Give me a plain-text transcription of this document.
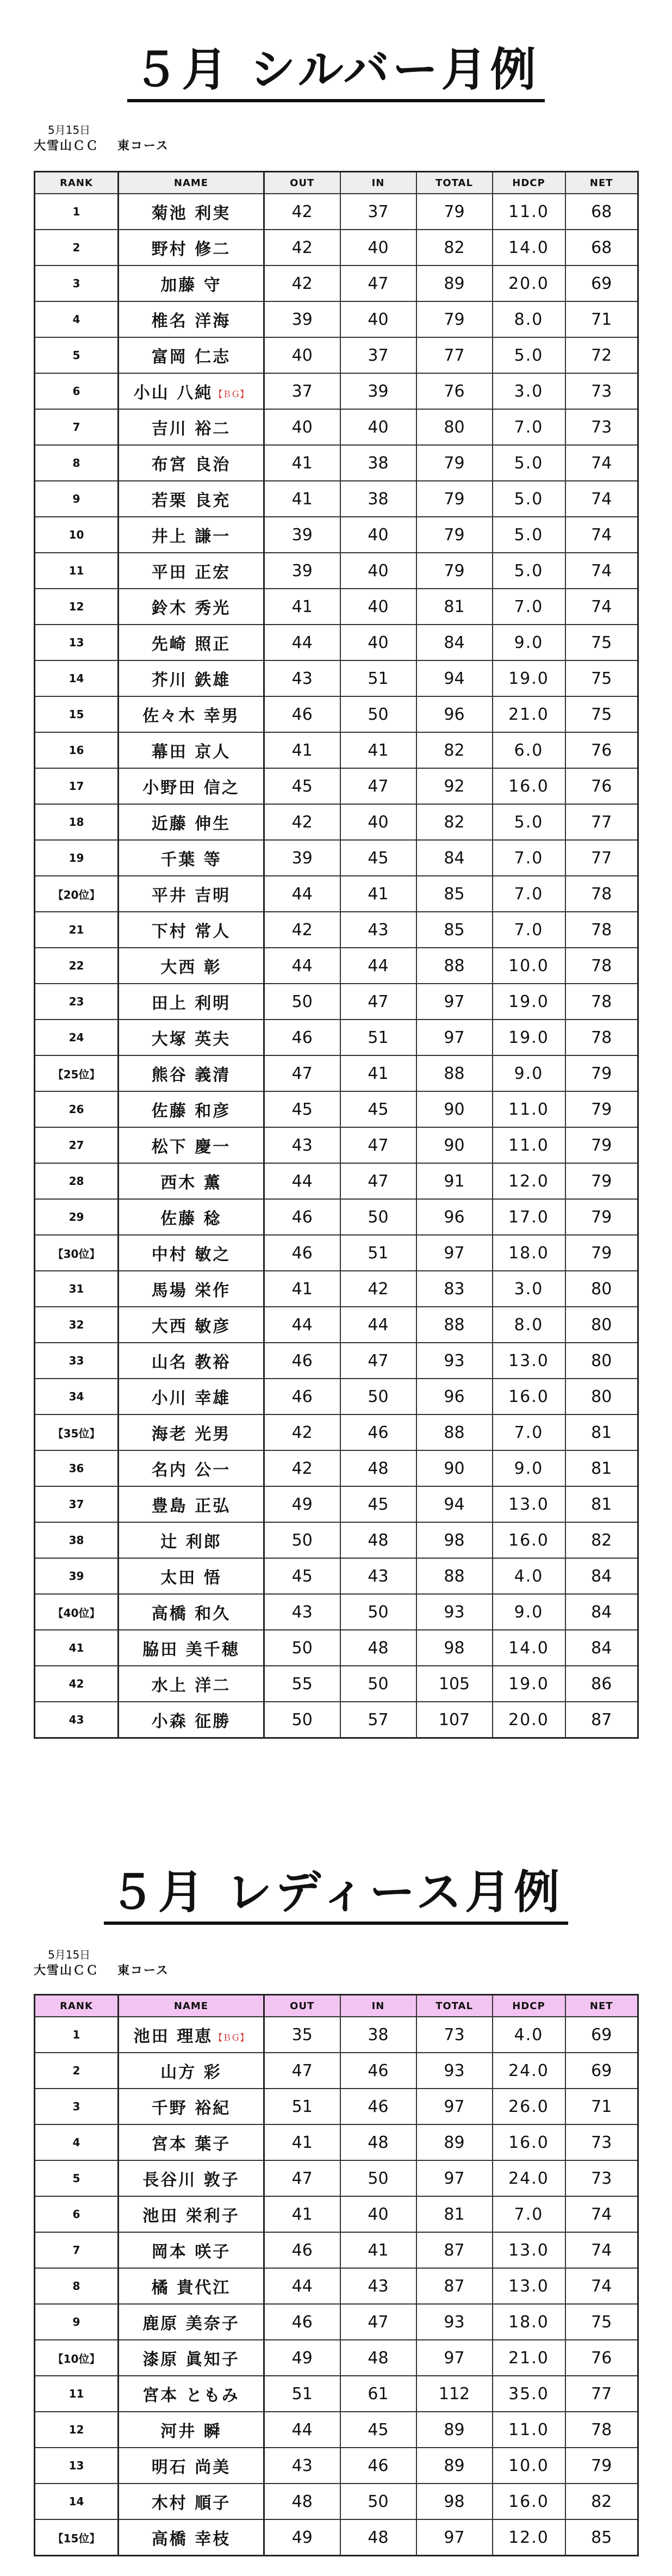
５月 シルバー月例
5月15日
大雪山ＣＣ 東コース
RANK	NAME	OUT	IN	TOTAL	HDCP	NET
1	菊池 利実	42	37	79	11.0	68
2	野村 修二	42	40	82	14.0	68
3	加藤 守	42	47	89	20.0	69
4	椎名 洋海	39	40	79	8.0	71
5	富岡 仁志	40	37	77	5.0	72
6	小山 八純 【ＢＧ】	37	39	76	3.0	73
7	吉川 裕二	40	40	80	7.0	73
8	布宮 良治	41	38	79	5.0	74
9	若栗 良充	41	38	79	5.0	74
10	井上 謙一	39	40	79	5.0	74
11	平田 正宏	39	40	79	5.0	74
12	鈴木 秀光	41	40	81	7.0	74
13	先崎 照正	44	40	84	9.0	75
14	芥川 鉄雄	43	51	94	19.0	75
15	佐々木 幸男	46	50	96	21.0	75
16	幕田 京人	41	41	82	6.0	76
17	小野田 信之	45	47	92	16.0	76
18	近藤 伸生	42	40	82	5.0	77
19	千葉 等	39	45	84	7.0	77
【20位】	平井 吉明	44	41	85	7.0	78
21	下村 常人	42	43	85	7.0	78
22	大西 彰	44	44	88	10.0	78
23	田上 利明	50	47	97	19.0	78
24	大塚 英夫	46	51	97	19.0	78
【25位】	熊谷 義清	47	41	88	9.0	79
26	佐藤 和彦	45	45	90	11.0	79
27	松下 慶一	43	47	90	11.0	79
28	西木 薫	44	47	91	12.0	79
29	佐藤 稔	46	50	96	17.0	79
【30位】	中村 敏之	46	51	97	18.0	79
31	馬場 栄作	41	42	83	3.0	80
32	大西 敏彦	44	44	88	8.0	80
33	山名 教裕	46	47	93	13.0	80
34	小川 幸雄	46	50	96	16.0	80
【35位】	海老 光男	42	46	88	7.0	81
36	名内 公一	42	48	90	9.0	81
37	豊島 正弘	49	45	94	13.0	81
38	辻 利郎	50	48	98	16.0	82
39	太田 悟	45	43	88	4.0	84
【40位】	高橋 和久	43	50	93	9.0	84
41	脇田 美千穂	50	48	98	14.0	84
42	水上 洋二	55	50	105	19.0	86
43	小森 征勝	50	57	107	20.0	87
５月 レディース月例
5月15日
大雪山ＣＣ 東コース
RANK	NAME	OUT	IN	TOTAL	HDCP	NET
1	池田 理恵 【ＢＧ】	35	38	73	4.0	69
2	山方 彩	47	46	93	24.0	69
3	千野 裕紀	51	46	97	26.0	71
4	宮本 葉子	41	48	89	16.0	73
5	長谷川 敦子	47	50	97	24.0	73
6	池田 栄利子	41	40	81	7.0	74
7	岡本 咲子	46	41	87	13.0	74
8	橘 貴代江	44	43	87	13.0	74
9	鹿原 美奈子	46	47	93	18.0	75
【10位】	漆原 眞知子	49	48	97	21.0	76
11	宮本 ともみ	51	61	112	35.0	77
12	河井 瞬	44	45	89	11.0	78
13	明石 尚美	43	46	89	10.0	79
14	木村 順子	48	50	98	16.0	82
【15位】	高橋 幸枝	49	48	97	12.0	85
